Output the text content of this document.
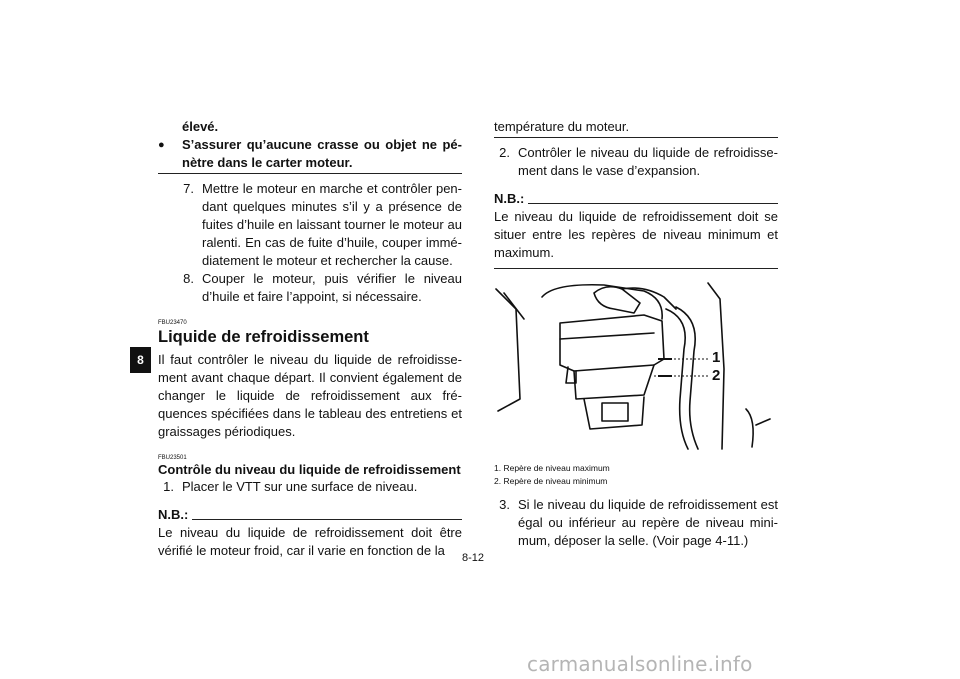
8
élevé.
●	S’assurer qu’aucune crasse ou objet ne pénètre dans le carter moteur.
7. Mettre le moteur en marche et contrôler pendant quelques minutes s’il y a présence de fuites d’huile en laissant tourner le moteur au ralenti. En cas de fuite d’huile, couper immédiatement le moteur et rechercher la cause.
8. Couper le moteur, puis vérifier le niveau d’huile et faire l’appoint, si nécessaire.
FBU23470
Liquide de refroidissement
Il faut contrôler le niveau du liquide de refroidissement avant chaque départ. Il convient également de changer le liquide de refroidissement aux fréquences spécifiées dans le tableau des entretiens et graissages périodiques.
FBU23501
Contrôle du niveau du liquide de refroidissement
1. Placer le VTT sur une surface de niveau.
N.B.:
Le niveau du liquide de refroidissement doit être vérifié le moteur froid, car il varie en fonction de la
température du moteur.
2. Contrôler le niveau du liquide de refroidissement dans le vase d’expansion.
N.B.:
Le niveau du liquide de refroidissement doit se situer entre les repères de niveau minimum et maximum.
1
2
1. Repère de niveau maximum
2. Repère de niveau minimum
3. Si le niveau du liquide de refroidissement est égal ou inférieur au repère de niveau minimum, déposer la selle. (Voir page 4-11.)
8-12
carmanualsonline.info
